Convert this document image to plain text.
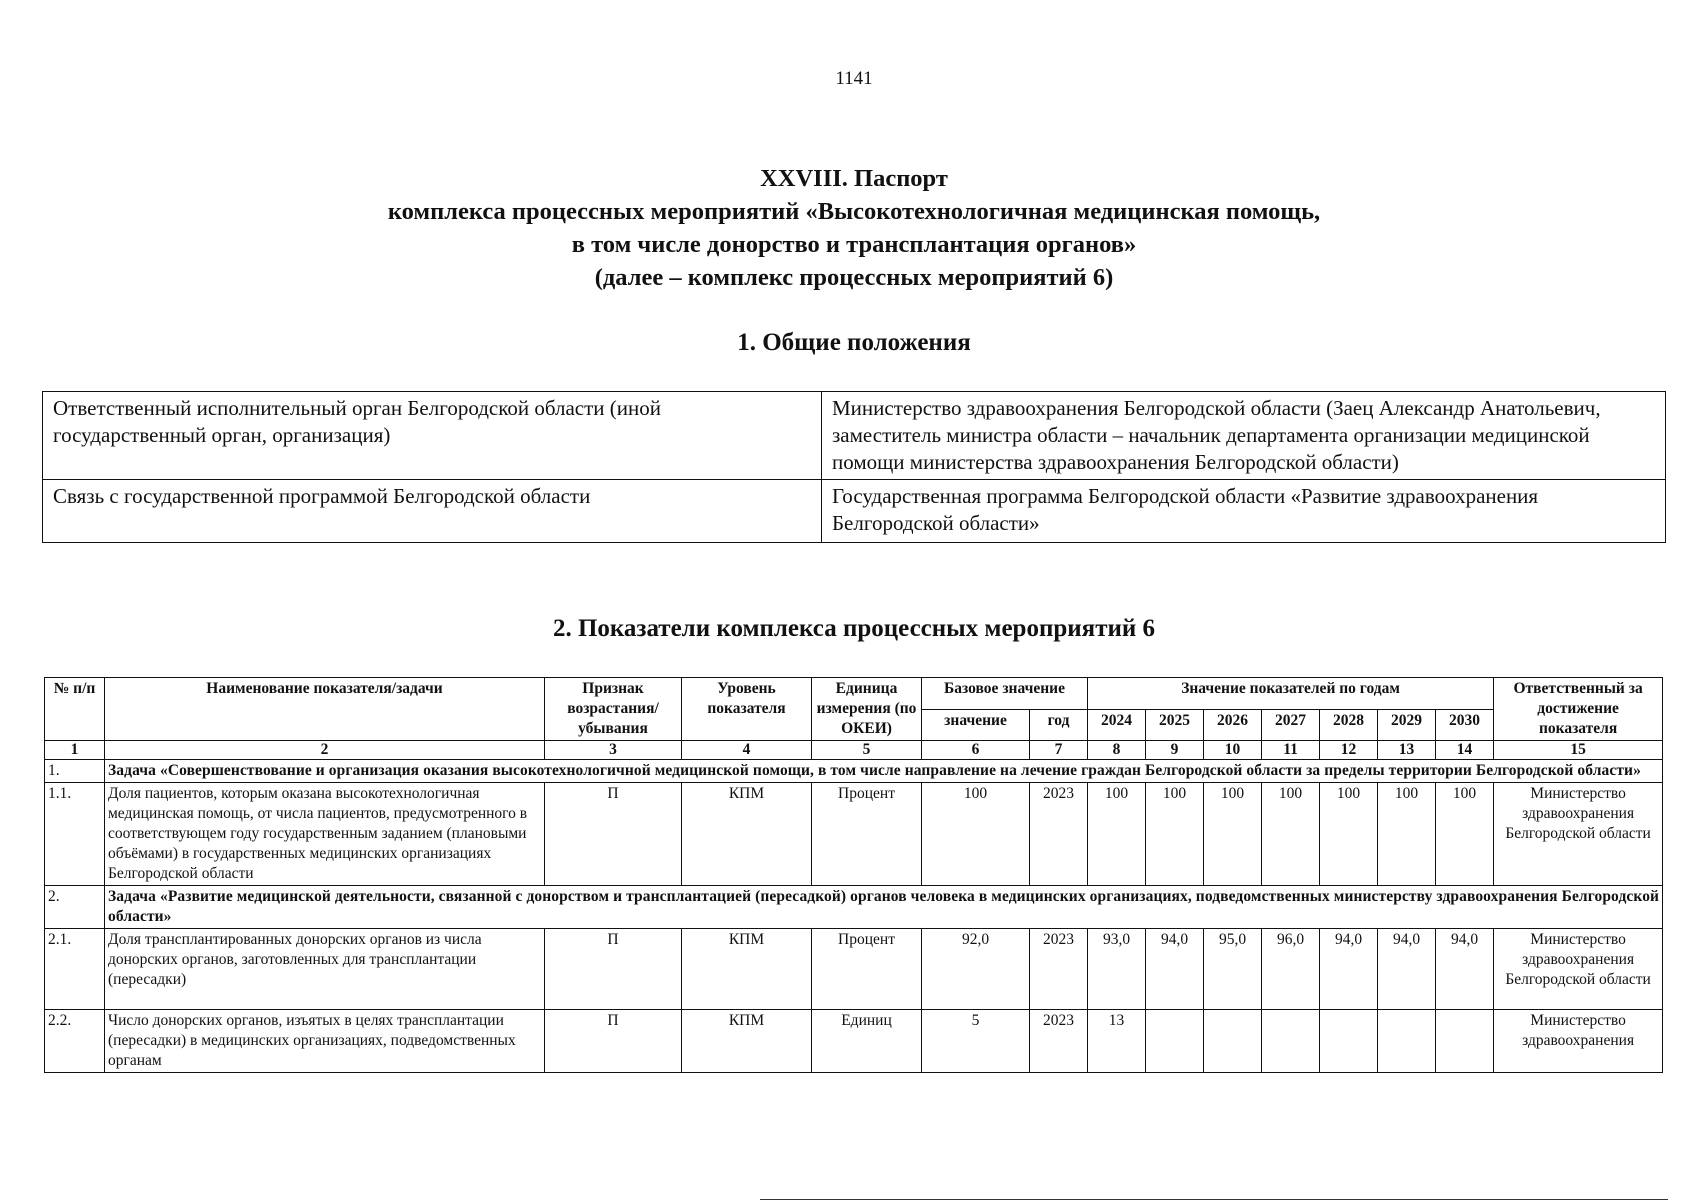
1141
XXVIII. Паспорт
комплекса процессных мероприятий «Высокотехнологичная медицинская помощь,
в том числе донорство и трансплантация органов»
(далее – комплекс процессных мероприятий 6)
1. Общие положения
Ответственный исполнительный орган Белгородской области (иной государственный орган, организация)	Министерство здравоохранения Белгородской области (Заец Александр Анатольевич, заместитель министра области – начальник департамента организации медицинской помощи министерства здравоохранения Белгородской области)
Связь с государственной программой Белгородской области	Государственная программа Белгородской области «Развитие здравоохранения Белгородской области»
2. Показатели комплекса процессных мероприятий 6
№ п/п	Наименование показателя/задачи	Признак возрастания/ убывания	Уровень показателя	Единица измерения (по ОКЕИ)	Базовое значение		Значение показателей по годам							Ответственный за достижение показателя
					значение	год	2024	2025	2026	2027	2028	2029	2030	
1	2	3	4	5	6	7	8	9	10	11	12	13	14	15
1.	Задача «Совершенствование и организация оказания высокотехнологичной медицинской помощи, в том числе направление на лечение граждан Белгородской области за пределы территории Белгородской области»													
1.1.	Доля пациентов, которым оказана высокотехнологичная медицинская помощь, от числа пациентов, предусмотренного в соответствующем году государственным заданием (плановыми объёмами) в государственных медицинских организациях Белгородской области	П	КПМ	Процент	100	2023	100	100	100	100	100	100	100	Министерство здравоохранения Белгородской области
2.	Задача «Развитие медицинской деятельности, связанной с донорством и трансплантацией (пересадкой) органов человека в медицинских организациях, подведомственных министерству здравоохранения Белгородской области»													
2.1.	Доля трансплантированных донорских органов из числа донорских органов, заготовленных для трансплантации (пересадки)	П	КПМ	Процент	92,0	2023	93,0	94,0	95,0	96,0	94,0	94,0	94,0	Министерство здравоохранения Белгородской области
2.2.	Число донорских органов, изъятых в целях трансплантации (пересадки) в медицинских организациях, подведомственных органам	П	КПМ	Единиц	5	2023	13							Министерство здравоохранения
